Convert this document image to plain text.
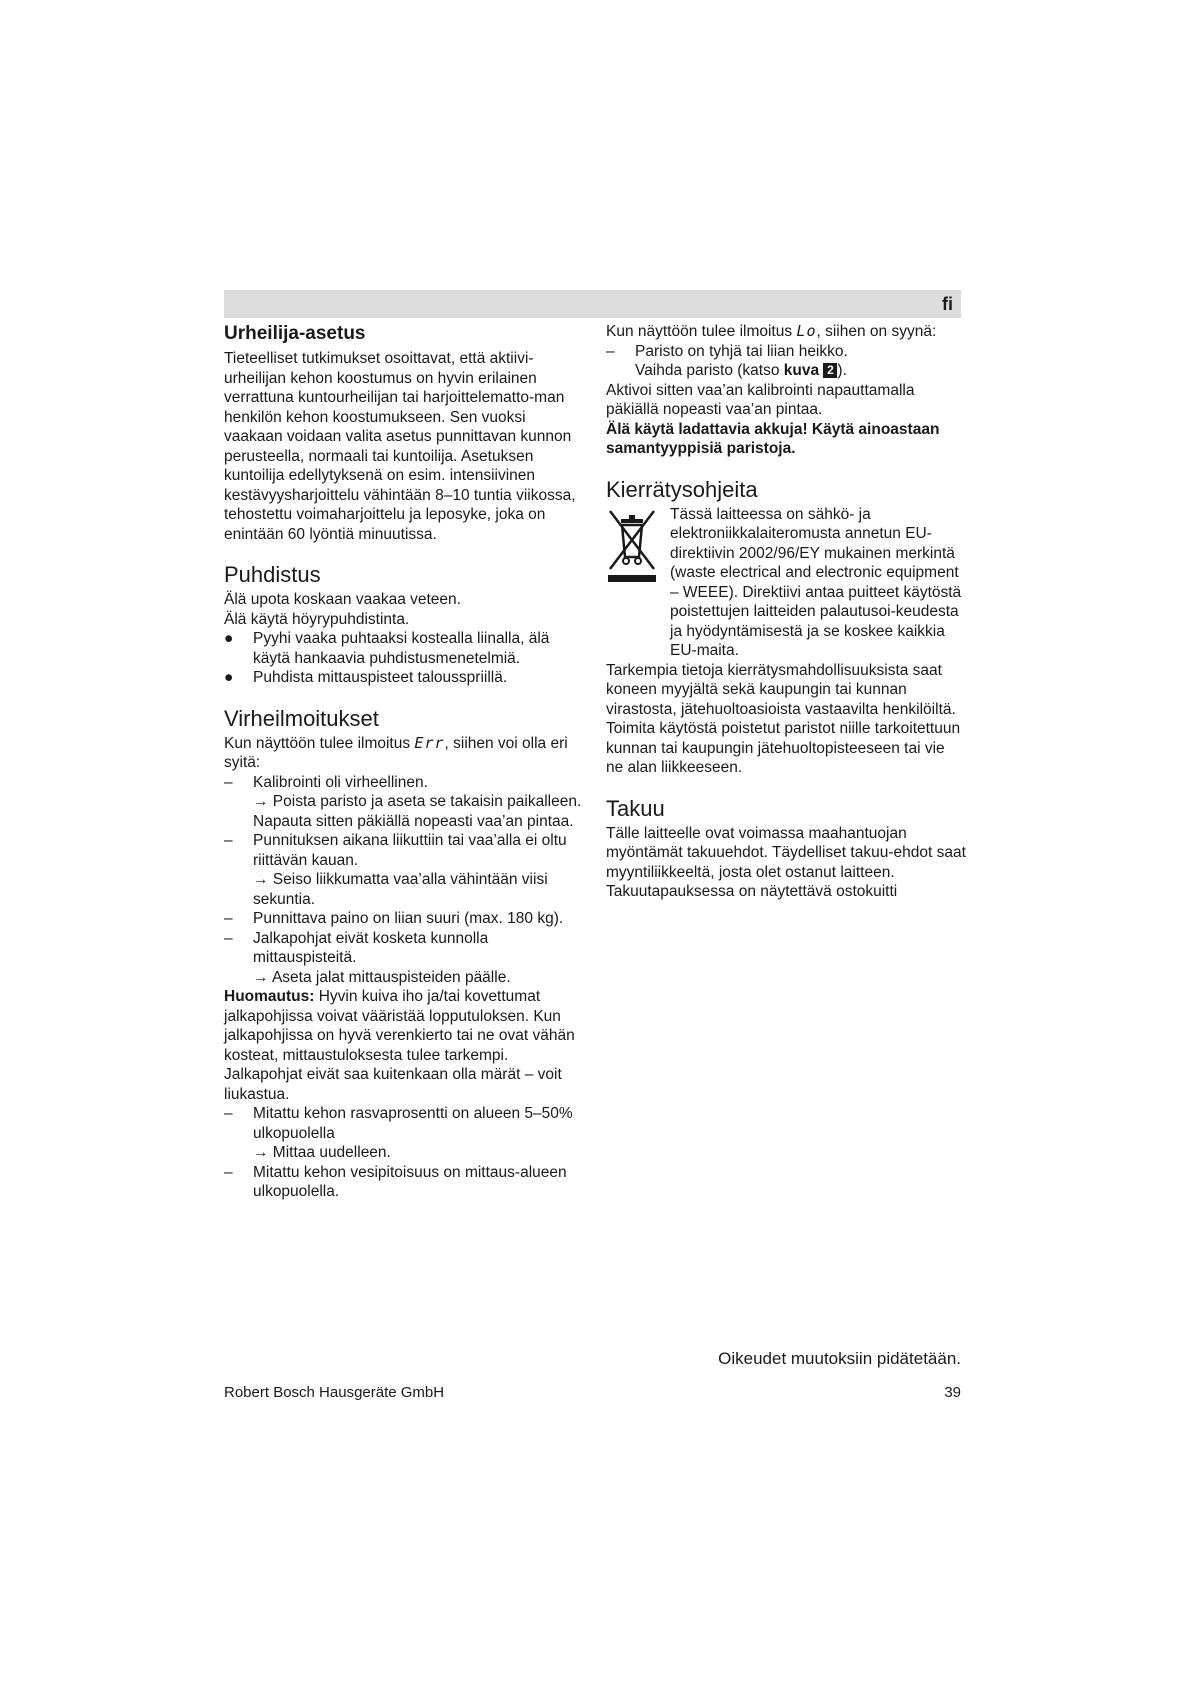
fi
Urheilija-asetus

Tieteelliset tutkimukset osoittavat, että aktiivi-urheilijan kehon koostumus on hyvin erilainen verrattuna kuntourheilijan tai harjoittelematto-man henkilön kehon koostumukseen. Sen vuoksi vaakaan voidaan valita asetus punnittavan kunnon perusteella, normaali tai kuntoilija. Asetuksen kuntoilija edellytyksenä on esim. intensiivinen kestävyysharjoittelu vähintään 8–10 tuntia viikossa, tehostettu voimaharjoittelu ja leposyke, joka on enintään 60 lyöntiä minuutissa.

Puhdistus

Älä upota koskaan vaakaa veteen.

Älä käytä höyrypuhdistinta.

● Pyyhi vaaka puhtaaksi kostealla liinalla, älä käytä hankaavia puhdistusmenetelmiä.
● Puhdista mittauspisteet talousspriillä.
Virheilmoitukset

Kun näyttöön tulee ilmoitus Err, siihen voi olla eri syitä:

– Kalibrointi oli virheellinen.
→ Poista paristo ja aseta se takaisin paikalleen. Napauta sitten päkiällä nopeasti vaa’an pintaa.
– Punnituksen aikana liikuttiin tai vaa’alla ei oltu riittävän kauan.
→ Seiso liikkumatta vaa’alla vähintään viisi sekuntia.
– Punnittava paino on liian suuri (max. 180 kg).
– Jalkapohjat eivät kosketa kunnolla mittauspisteitä.
→ Aseta jalat mittauspisteiden päälle.

Huomautus: Hyvin kuiva iho ja/tai kovettumat jalkapohjissa voivat vääristää lopputuloksen. Kun jalkapohjissa on hyvä verenkierto tai ne ovat vähän kosteat, mittaustuloksesta tulee tarkempi. Jalkapohjat eivät saa kuitenkaan olla märät – voit liukastua.

– Mitattu kehon rasvaprosentti on alueen 5–50% ulkopuolella
→ Mittaa uudelleen.
– Mitattu kehon vesipitoisuus on mittaus-alueen ulkopuolella.

Kun näyttöön tulee ilmoitus Lo, siihen on syynä:

– Paristo on tyhjä tai liian heikko.
Vaihda paristo (katso kuva 2 ).

Aktivoi sitten vaa’an kalibrointi napauttamalla päkiällä nopeasti vaa’an pintaa.

Älä käytä ladattavia akkuja! Käytä ainoastaan samantyyppisiä paristoja.

Kierrätysohjeita

Tässä laitteessa on sähkö- ja elektroniikkalaiteromusta annetun EU-direktiivin 2002/96/EY mukainen merkintä (waste electrical and electronic equipment – WEEE). Direktiivi antaa puitteet käytöstä poistettujen laitteiden palautusoi-keudesta ja hyödyntämisestä ja se koskee kaikkia EU-maita.

Tarkempia tietoja kierrätysmahdollisuuksista saat koneen myyjältä sekä kaupungin tai kunnan virastosta, jätehuoltoasioista vastaavilta henkilöiltä.

Toimita käytöstä poistetut paristot niille tarkoitettuun kunnan tai kaupungin jätehuoltopisteeseen tai vie ne alan liikkeeseen.

Takuu

Tälle laitteelle ovat voimassa maahantuojan myöntämät takuuehdot. Täydelliset takuu-ehdot saat myyntiliikkeeltä, josta olet ostanut laitteen. Takuutapauksessa on näytettävä ostokuitti

Oikeudet muutoksiin pidätetään.
Robert Bosch Hausgeräte GmbH	39
